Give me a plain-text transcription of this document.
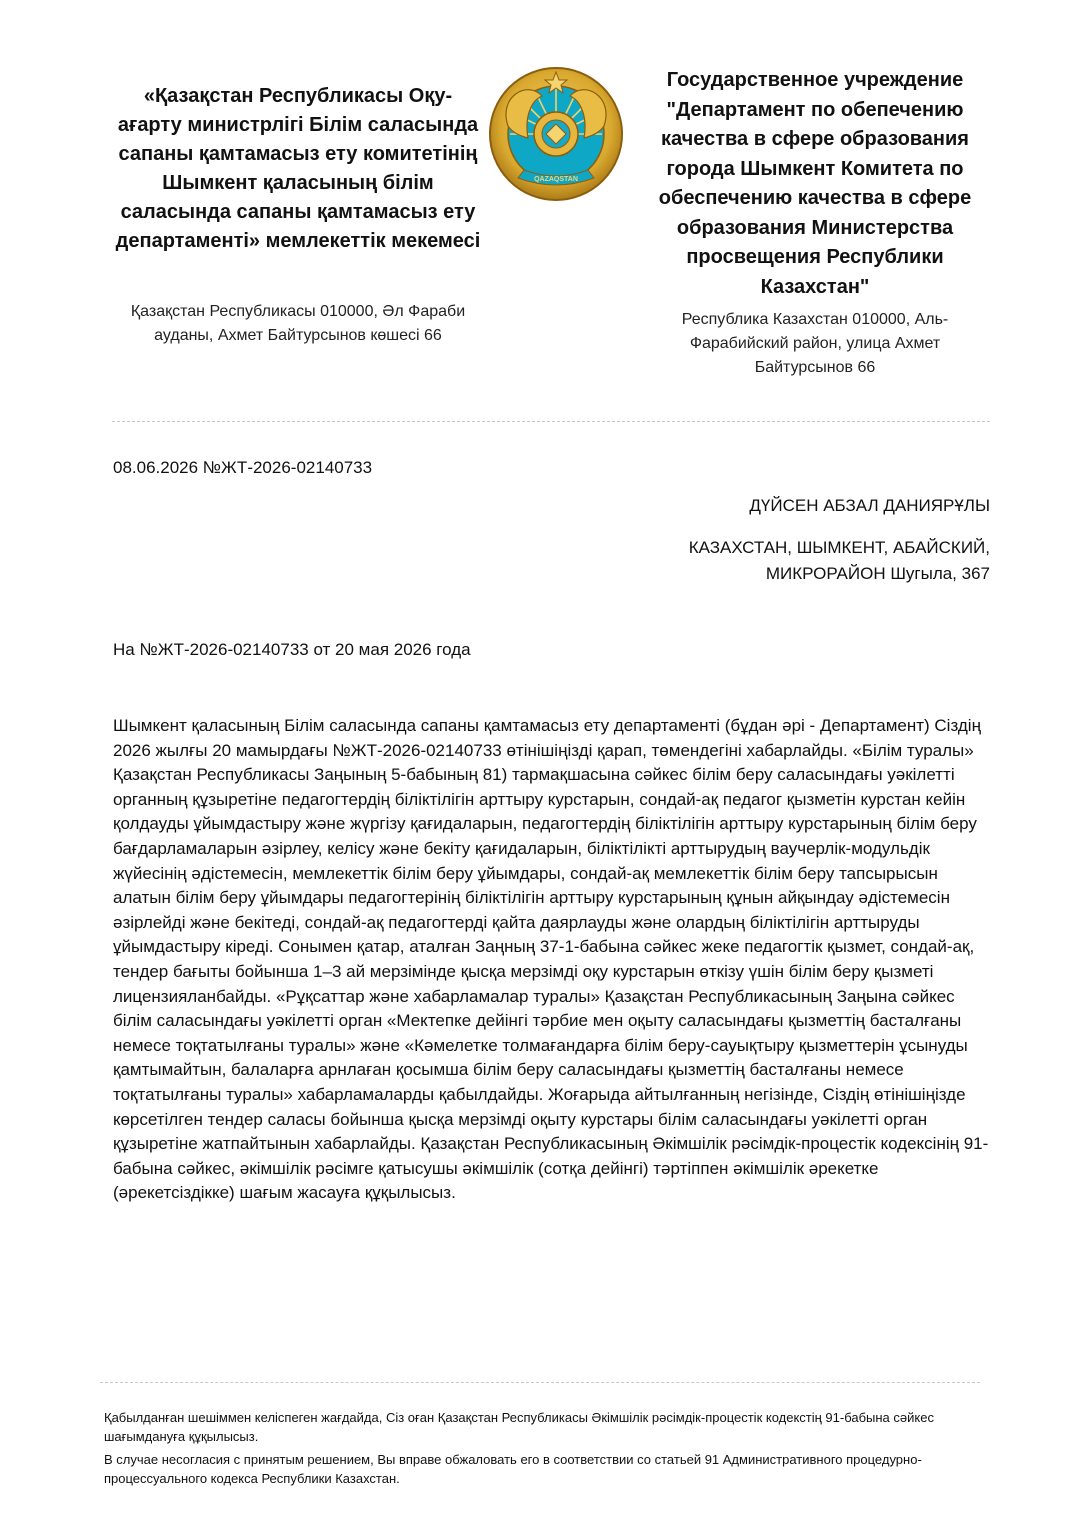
«Қазақстан Республикасы Оқу-ағарту министрлігі Білім саласында сапаны қамтамасыз ету комитетінің Шымкент қаласының білім саласында сапаны қамтамасыз ету департаменті» мемлекеттік мекемесі
QAZAQSTAN
Государственное учреждение "Департамент по обепечению качества в сфере образования города Шымкент Комитета по обеспечению качества в сфере образования Министерства просвещения Республики Казахстан"
Қазақстан Республикасы 010000, Әл Фараби ауданы, Ахмет Байтурсынов көшесі 66
Республика Казахстан 010000, Аль-Фарабийский район, улица Ахмет Байтурсынов 66
08.06.2026 №ЖТ-2026-02140733
ДҮЙСЕН АБЗАЛ ДАНИЯРҰЛЫ
КАЗАХСТАН, ШЫМКЕНТ, АБАЙСКИЙ, МИКРОРАЙОН Шугыла, 367
На №ЖТ-2026-02140733 от 20 мая 2026 года

Шымкент қаласының Білім саласында сапаны қамтамасыз ету департаменті (бұдан әрі - Департамент) Сіздің 2026 жылғы 20 мамырдағы №ЖТ-2026-02140733 өтінішіңізді қарап, төмендегіні хабарлайды. «Білім туралы» Қазақстан Республикасы Заңының 5-бабының 81) тармақшасына сәйкес білім беру саласындағы уәкілетті органның құзыретіне педагогтердің біліктілігін арттыру курстарын, сондай-ақ педагог қызметін курстан кейін қолдауды ұйымдастыру және жүргізу қағидаларын, педагогтердің біліктілігін арттыру курстарының білім беру бағдарламаларын әзірлеу, келісу және бекіту қағидаларын, біліктілікті арттырудың ваучерлік-модульдік жүйесінің әдістемесін, мемлекеттік білім беру ұйымдары, сондай-ақ мемлекеттік білім беру тапсырысын алатын білім беру ұйымдары педагогтерінің біліктілігін арттыру курстарының құнын айқындау әдістемесін әзірлейді және бекітеді, сондай-ақ педагогтерді қайта даярлауды және олардың біліктілігін арттыруды ұйымдастыру кіреді. Сонымен қатар, аталған Заңның 37-1-бабына сәйкес жеке педагогтік қызмет, сондай-ақ, тендер бағыты бойынша 1–3 ай мерзімінде қысқа мерзімді оқу курстарын өткізу үшін білім беру қызметі лицензияланбайды. «Рұқсаттар және хабарламалар туралы» Қазақстан Республикасының Заңына сәйкес білім саласындағы уәкілетті орган «Мектепке дейінгі тәрбие мен оқыту саласындағы қызметтің басталғаны немесе тоқтатылғаны туралы» және «Кәмелетке толмағандарға білім беру-сауықтыру қызметтерін ұсынуды қамтымайтын, балаларға арнлаған қосымша білім беру саласындағы қызметтің басталғаны немесе тоқтатылғаны туралы» хабарламаларды қабылдайды. Жоғарыда айтылғанның негізінде, Сіздің өтінішіңізде көрсетілген тендер саласы бойынша қысқа мерзімді оқыту курстары білім саласындағы уәкілетті орган құзыретіне жатпайтынын хабарлайды. Қазақстан Республикасының Әкімшілік рәсімдік-процестік кодексінің 91-бабына сәйкес, әкімшілік рәсімге қатысушы әкімшілік (сотқа дейінгі) тәртіппен әкімшілік әрекетке (әрекетсіздікке) шағым жасауға құқылысыз.

Қабылданған шешіммен келіспеген жағдайда, Сіз оған Қазақстан Республикасы Әкімшілік рәсімдік-процестік кодекстің 91-бабына сәйкес шағымдануға құқылысыз.

В случае несогласия с принятым решением, Вы вправе обжаловать его в соответствии со статьей 91 Административного процедурно-процессуального кодекса Республики Казахстан.
